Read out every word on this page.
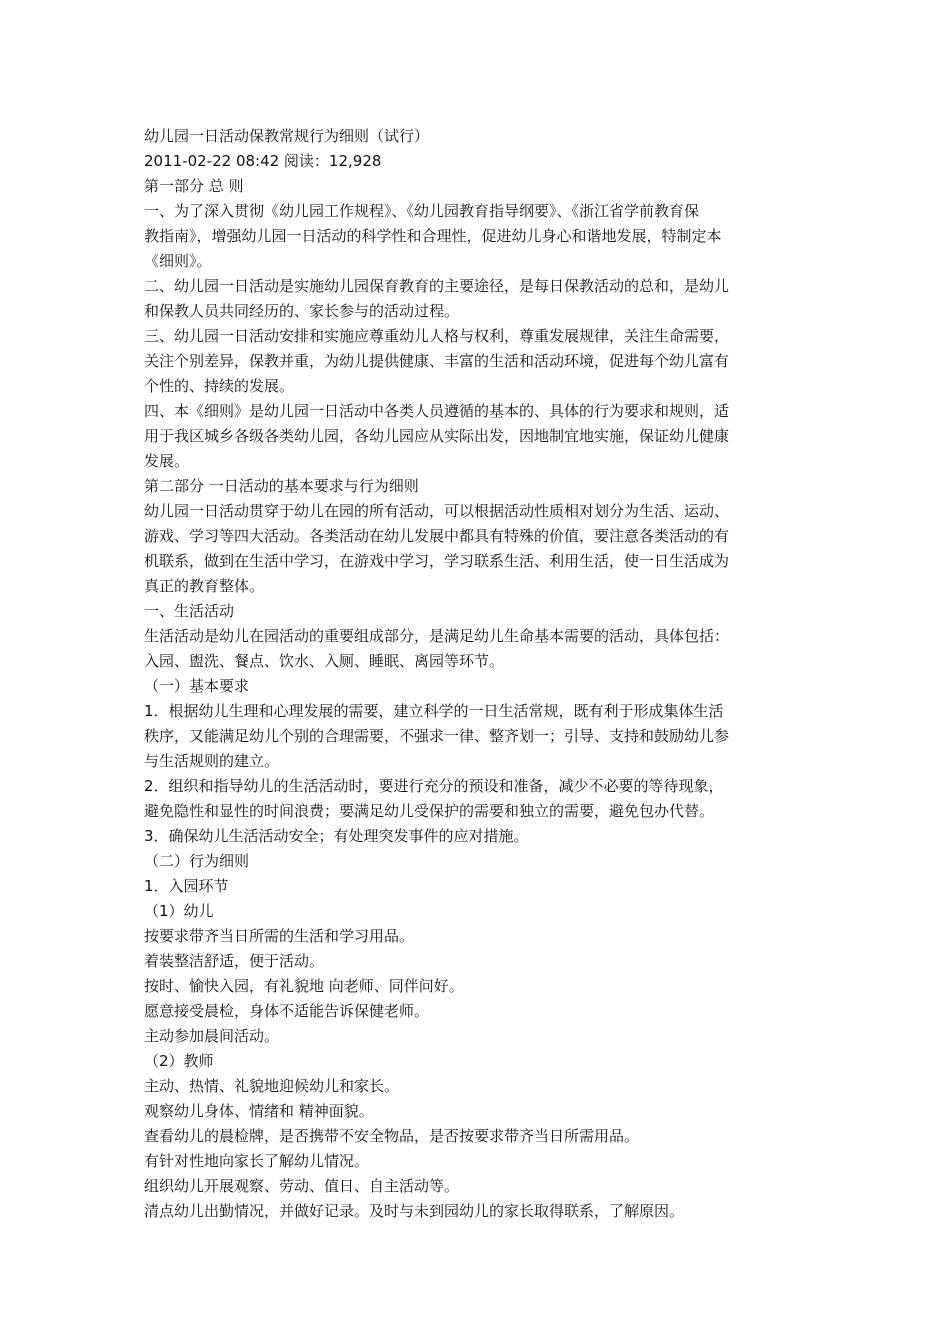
幼儿园一日活动保教常规行为细则（试行）
2011-02-22 08:42 阅读：12,928
第一部分 总 则
一、为了深入贯彻《幼儿园工作规程》、《幼儿园教育指导纲要》、《浙江省学前教育保
教指南》，增强幼儿园一日活动的科学性和合理性，促进幼儿身心和谐地发展，特制定本
《细则》。
二、幼儿园一日活动是实施幼儿园保育教育的主要途径，是每日保教活动的总和，是幼儿
和保教人员共同经历的、家长参与的活动过程。
三、幼儿园一日活动安排和实施应尊重幼儿人格与权利，尊重发展规律，关注生命需要，
关注个别差异，保教并重，为幼儿提供健康、丰富的生活和活动环境，促进每个幼儿富有
个性的、持续的发展。
四、本《细则》是幼儿园一日活动中各类人员遵循的基本的、具体的行为要求和规则，适
用于我区城乡各级各类幼儿园，各幼儿园应从实际出发，因地制宜地实施，保证幼儿健康
发展。
第二部分 一日活动的基本要求与行为细则
幼儿园一日活动贯穿于幼儿在园的所有活动，可以根据活动性质相对划分为生活、运动、
游戏、学习等四大活动。各类活动在幼儿发展中都具有特殊的价值，要注意各类活动的有
机联系，做到在生活中学习，在游戏中学习，学习联系生活、利用生活，使一日生活成为
真正的教育整体。
一、生活活动
生活活动是幼儿在园活动的重要组成部分，是满足幼儿生命基本需要的活动，具体包括：
入园、盥洗、餐点、饮水、入厕、睡眠、离园等环节。
（一）基本要求
1．根据幼儿生理和心理发展的需要，建立科学的一日生活常规，既有利于形成集体生活
秩序，又能满足幼儿个别的合理需要，不强求一律、整齐划一；引导、支持和鼓励幼儿参
与生活规则的建立。
2．组织和指导幼儿的生活活动时，要进行充分的预设和准备，减少不必要的等待现象，
避免隐性和显性的时间浪费；要满足幼儿受保护的需要和独立的需要，避免包办代替。
3．确保幼儿生活活动安全；有处理突发事件的应对措施。
（二）行为细则
1．入园环节
（1）幼儿
按要求带齐当日所需的生活和学习用品。
着装整洁舒适，便于活动。
按时、愉快入园，有礼貌地 向老师、同伴问好。
愿意接受晨检，身体不适能告诉保健老师。
主动参加晨间活动。
（2）教师
主动、热情、礼貌地迎候幼儿和家长。
观察幼儿身体、情绪和 精神面貌。
查看幼儿的晨检牌，是否携带不安全物品，是否按要求带齐当日所需用品。
有针对性地向家长了解幼儿情况。
组织幼儿开展观察、劳动、值日、自主活动等。
清点幼儿出勤情况，并做好记录。及时与未到园幼儿的家长取得联系，了解原因。
